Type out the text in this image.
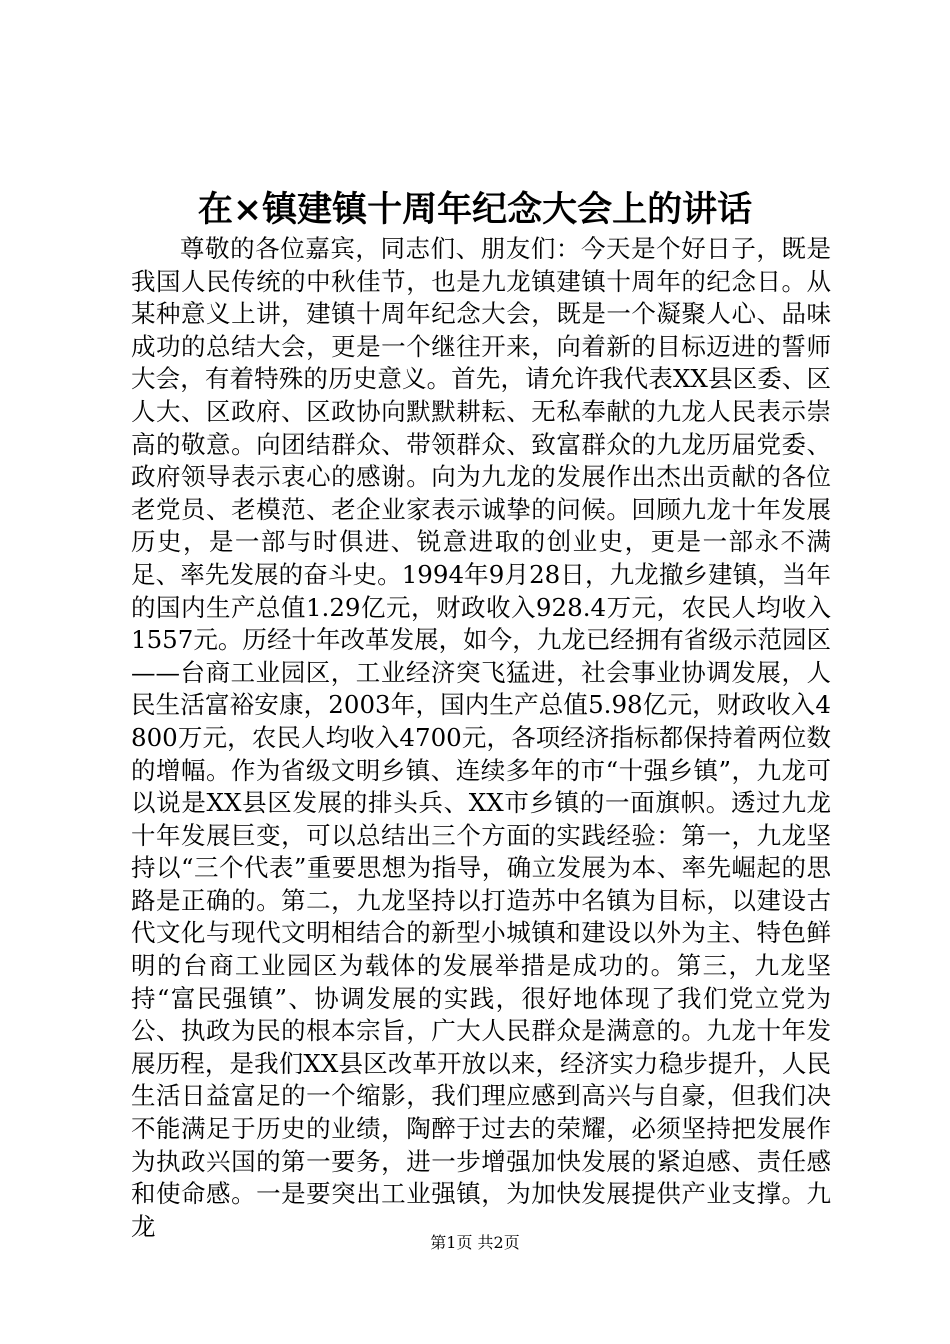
在×镇建镇十周年纪念大会上的讲话

尊敬的各位嘉宾，同志们、朋友们：今天是个好日子，既是我国人民传统的中秋佳节，也是九龙镇建镇十周年的纪念日。从某种意义上讲，建镇十周年纪念大会，既是一个凝聚人心、品味成功的总结大会，更是一个继往开来，向着新的目标迈进的誓师大会，有着特殊的历史意义。首先，请允许我代表XX县区委、区人大、区政府、区政协向默默耕耘、无私奉献的九龙人民表示崇高的敬意。向团结群众、带领群众、致富群众的九龙历届党委、政府领导表示衷心的感谢。向为九龙的发展作出杰出贡献的各位老党员、老模范、老企业家表示诚挚的问候。回顾九龙十年发展历史，是一部与时俱进、锐意进取的创业史，更是一部永不满足、率先发展的奋斗史。1994年9月28日，九龙撤乡建镇，当年的国内生产总值1.29亿元，财政收入928.4万元，农民人均收入1557元。历经十年改革发展，如今，九龙已经拥有省级示范园区——台商工业园区，工业经济突飞猛进，社会事业协调发展，人民生活富裕安康，2003年，国内生产总值5.98亿元，财政收入4800万元，农民人均收入4700元，各项经济指标都保持着两位数的增幅。作为省级文明乡镇、连续多年的市“十强乡镇”，九龙可以说是XX县区发展的排头兵、XX市乡镇的一面旗帜。透过九龙十年发展巨变，可以总结出三个方面的实践经验：第一，九龙坚持以“三个代表”重要思想为指导，确立发展为本、率先崛起的思路是正确的。第二，九龙坚持以打造苏中名镇为目标，以建设古代文化与现代文明相结合的新型小城镇和建设以外为主、特色鲜明的台商工业园区为载体的发展举措是成功的。第三，九龙坚持“富民强镇”、协调发展的实践，很好地体现了我们党立党为公、执政为民的根本宗旨，广大人民群众是满意的。九龙十年发展历程，是我们XX县区改革开放以来，经济实力稳步提升，人民生活日益富足的一个缩影，我们理应感到高兴与自豪，但我们决不能满足于历史的业绩，陶醉于过去的荣耀，必须坚持把发展作为执政兴国的第一要务，进一步增强加快发展的紧迫感、责任感和使命感。一是要突出工业强镇，为加快发展提供产业支撑。九龙

第1页 共2页
